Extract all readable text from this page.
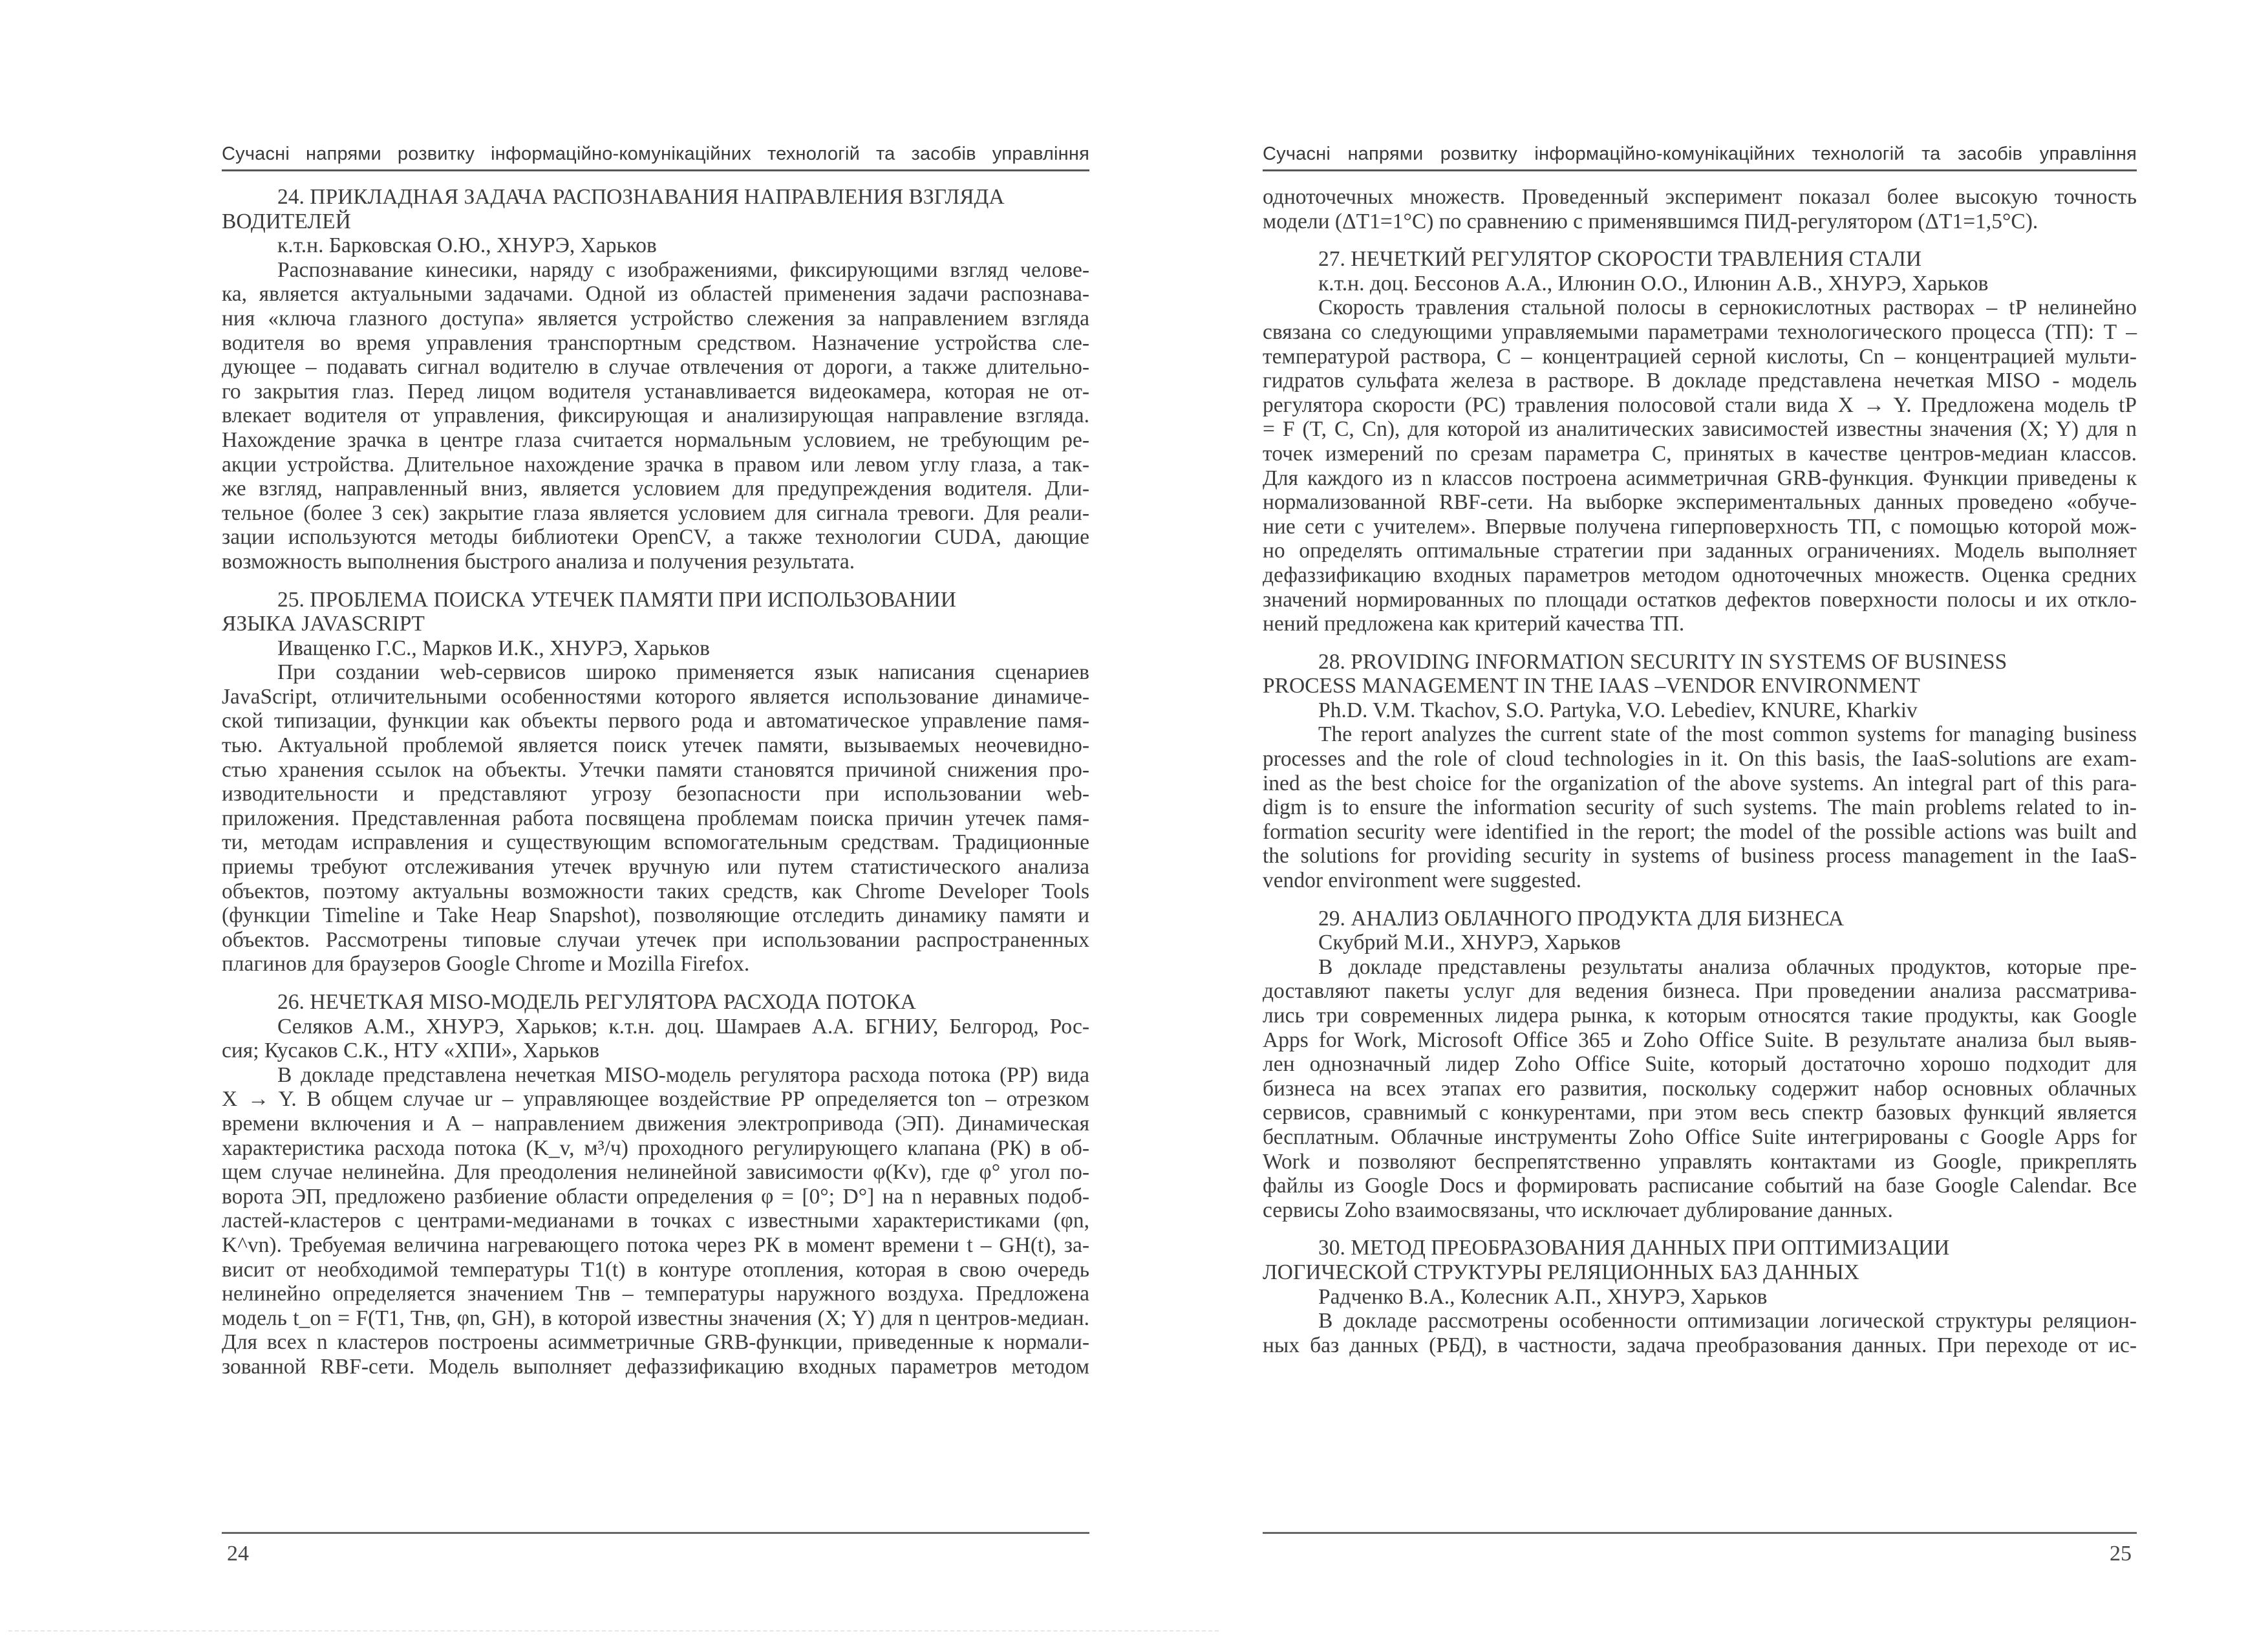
Сучасні напрями розвитку інформаційно-комунікаційних технологій та засобів управління
24. ПРИКЛАДНАЯ ЗАДАЧА РАСПОЗНАВАНИЯ НАПРАВЛЕНИЯ ВЗГЛЯДА
ВОДИТЕЛЕЙ
к.т.н. Барковская О.Ю., ХНУРЭ, Харьков
Распознавание кинесики, наряду с изображениями, фиксирующими взгляд челове-
ка, является актуальными задачами. Одной из областей применения задачи распознава-
ния «ключа глазного доступа» является устройство слежения за направлением взгляда
водителя во время управления транспортным средством. Назначение устройства сле-
дующее – подавать сигнал водителю в случае отвлечения от дороги, а также длительно-
го закрытия глаз. Перед лицом водителя устанавливается видеокамера, которая не от-
влекает водителя от управления, фиксирующая и анализирующая направление взгляда.
Нахождение зрачка в центре глаза считается нормальным условием, не требующим ре-
акции устройства. Длительное нахождение зрачка в правом или левом углу глаза, а так-
же взгляд, направленный вниз, является условием для предупреждения водителя. Дли-
тельное (более 3 сек) закрытие глаза является условием для сигнала тревоги. Для реали-
зации используются методы библиотеки OpenCV, а также технологии CUDA, дающие
возможность выполнения быстрого анализа и получения результата.
25. ПРОБЛЕМА ПОИСКА УТЕЧЕК ПАМЯТИ ПРИ ИСПОЛЬЗОВАНИИ
ЯЗЫКА JAVASCRIPT
Иващенко Г.С., Марков И.К., ХНУРЭ, Харьков
При создании web-сервисов широко применяется язык написания сценариев
JavaScript, отличительными особенностями которого является использование динамиче-
ской типизации, функции как объекты первого рода и автоматическое управление памя-
тью. Актуальной проблемой является поиск утечек памяти, вызываемых неочевидно-
стью хранения ссылок на объекты. Утечки памяти становятся причиной снижения про-
изводительности и представляют угрозу безопасности при использовании web-
приложения. Представленная работа посвящена проблемам поиска причин утечек памя-
ти, методам исправления и существующим вспомогательным средствам. Традиционные
приемы требуют отслеживания утечек вручную или путем статистического анализа
объектов, поэтому актуальны возможности таких средств, как Chrome Developer Tools
(функции Timeline и Take Heap Snapshot), позволяющие отследить динамику памяти и
объектов. Рассмотрены типовые случаи утечек при использовании распространенных
плагинов для браузеров Google Chrome и Mozilla Firefox.
26. НЕЧЕТКАЯ MISO-МОДЕЛЬ РЕГУЛЯТОРА РАСХОДА ПОТОКА
Селяков А.М., ХНУРЭ, Харьков; к.т.н. доц. Шамраев А.А. БГНИУ, Белгород, Рос-
сия; Кусаков С.К., НТУ «ХПИ», Харьков
В докладе представлена нечеткая MISO-модель регулятора расхода потока (РР) вида
X → Y. В общем случае ur – управляющее воздействие РР определяется ton – отрезком
времени включения и А – направлением движения электропривода (ЭП). Динамическая
характеристика расхода потока (K_v, м³/ч) проходного регулирующего клапана (РК) в об-
щем случае нелинейна. Для преодоления нелинейной зависимости φ(Kv), где φ° угол по-
ворота ЭП, предложено разбиение области определения φ = [0°; D°] на n неравных подоб-
ластей-кластеров с центрами-медианами в точках с известными характеристиками (φn,
K^vn). Требуемая величина нагревающего потока через РК в момент времени t – GH(t), за-
висит от необходимой температуры T1(t) в контуре отопления, которая в свою очередь
нелинейно определяется значением Tнв – температуры наружного воздуха. Предложена
модель t_on = F(T1, Tнв, φn, GH), в которой известны значения (X; Y) для n центров-медиан.
Для всех n кластеров построены асимметричные GRB-функции, приведенные к нормали-
зованной RBF-сети. Модель выполняет дефаззификацию входных параметров методом
24
Сучасні напрями розвитку інформаційно-комунікаційних технологій та засобів управління
одноточечных множеств. Проведенный эксперимент показал более высокую точность
модели (ΔT1=1°C) по сравнению с применявшимся ПИД-регулятором (ΔT1=1,5°C).
27. НЕЧЕТКИЙ РЕГУЛЯТОР СКОРОСТИ ТРАВЛЕНИЯ СТАЛИ
к.т.н. доц. Бессонов А.А., Илюнин О.О., Илюнин А.В., ХНУРЭ, Харьков
Скорость травления стальной полосы в сернокислотных растворах – tP нелинейно
связана со следующими управляемыми параметрами технологического процесса (ТП): T –
температурой раствора, C – концентрацией серной кислоты, Cn – концентрацией мульти-
гидратов сульфата железа в растворе. В докладе представлена нечеткая MISO - модель
регулятора скорости (PC) травления полосовой стали вида X → Y. Предложена модель tP
= F (T, C, Cn), для которой из аналитических зависимостей известны значения (X; Y) для n
точек измерений по срезам параметра C, принятых в качестве центров-медиан классов.
Для каждого из n классов построена асимметричная GRB-функция. Функции приведены к
нормализованной RBF-сети. На выборке экспериментальных данных проведено «обуче-
ние сети с учителем». Впервые получена гиперповерхность ТП, с помощью которой мож-
но определять оптимальные стратегии при заданных ограничениях. Модель выполняет
дефаззификацию входных параметров методом одноточечных множеств. Оценка средних
значений нормированных по площади остатков дефектов поверхности полосы и их откло-
нений предложена как критерий качества ТП.
28. PROVIDING INFORMATION SECURITY IN SYSTEMS OF BUSINESS
PROCESS MANAGEMENT IN THE IAAS –VENDOR ENVIRONMENT
Ph.D. V.M. Tkachov, S.O. Partyka, V.O. Lebediev, KNURE, Kharkiv
The report analyzes the current state of the most common systems for managing business
processes and the role of cloud technologies in it. On this basis, the IaaS-solutions are exam-
ined as the best choice for the organization of the above systems. An integral part of this para-
digm is to ensure the information security of such systems. The main problems related to in-
formation security were identified in the report; the model of the possible actions was built and
the solutions for providing security in systems of business process management in the IaaS-
vendor environment were suggested.
29. АНАЛИЗ ОБЛАЧНОГО ПРОДУКТА ДЛЯ БИЗНЕСА
Скубрий М.И., ХНУРЭ, Харьков
В докладе представлены результаты анализа облачных продуктов, которые пре-
доставляют пакеты услуг для ведения бизнеса. При проведении анализа рассматрива-
лись три современных лидера рынка, к которым относятся такие продукты, как Google
Apps for Work, Microsoft Office 365 и Zoho Office Suite. В результате анализа был выяв-
лен однозначный лидер Zoho Office Suite, который достаточно хорошо подходит для
бизнеса на всех этапах его развития, поскольку содержит набор основных облачных
сервисов, сравнимый с конкурентами, при этом весь спектр базовых функций является
бесплатным. Облачные инструменты Zoho Office Suite интегрированы с Google Apps for
Work и позволяют беспрепятственно управлять контактами из Google, прикреплять
файлы из Google Docs и формировать расписание событий на базе Google Calendar. Все
сервисы Zoho взаимосвязаны, что исключает дублирование данных.
30. МЕТОД ПРЕОБРАЗОВАНИЯ ДАННЫХ ПРИ ОПТИМИЗАЦИИ
ЛОГИЧЕСКОЙ СТРУКТУРЫ РЕЛЯЦИОННЫХ БАЗ ДАННЫХ
Радченко В.А., Колесник А.П., ХНУРЭ, Харьков
В докладе рассмотрены особенности оптимизации логической структуры реляцион-
ных баз данных (РБД), в частности, задача преобразования данных. При переходе от ис-
25
